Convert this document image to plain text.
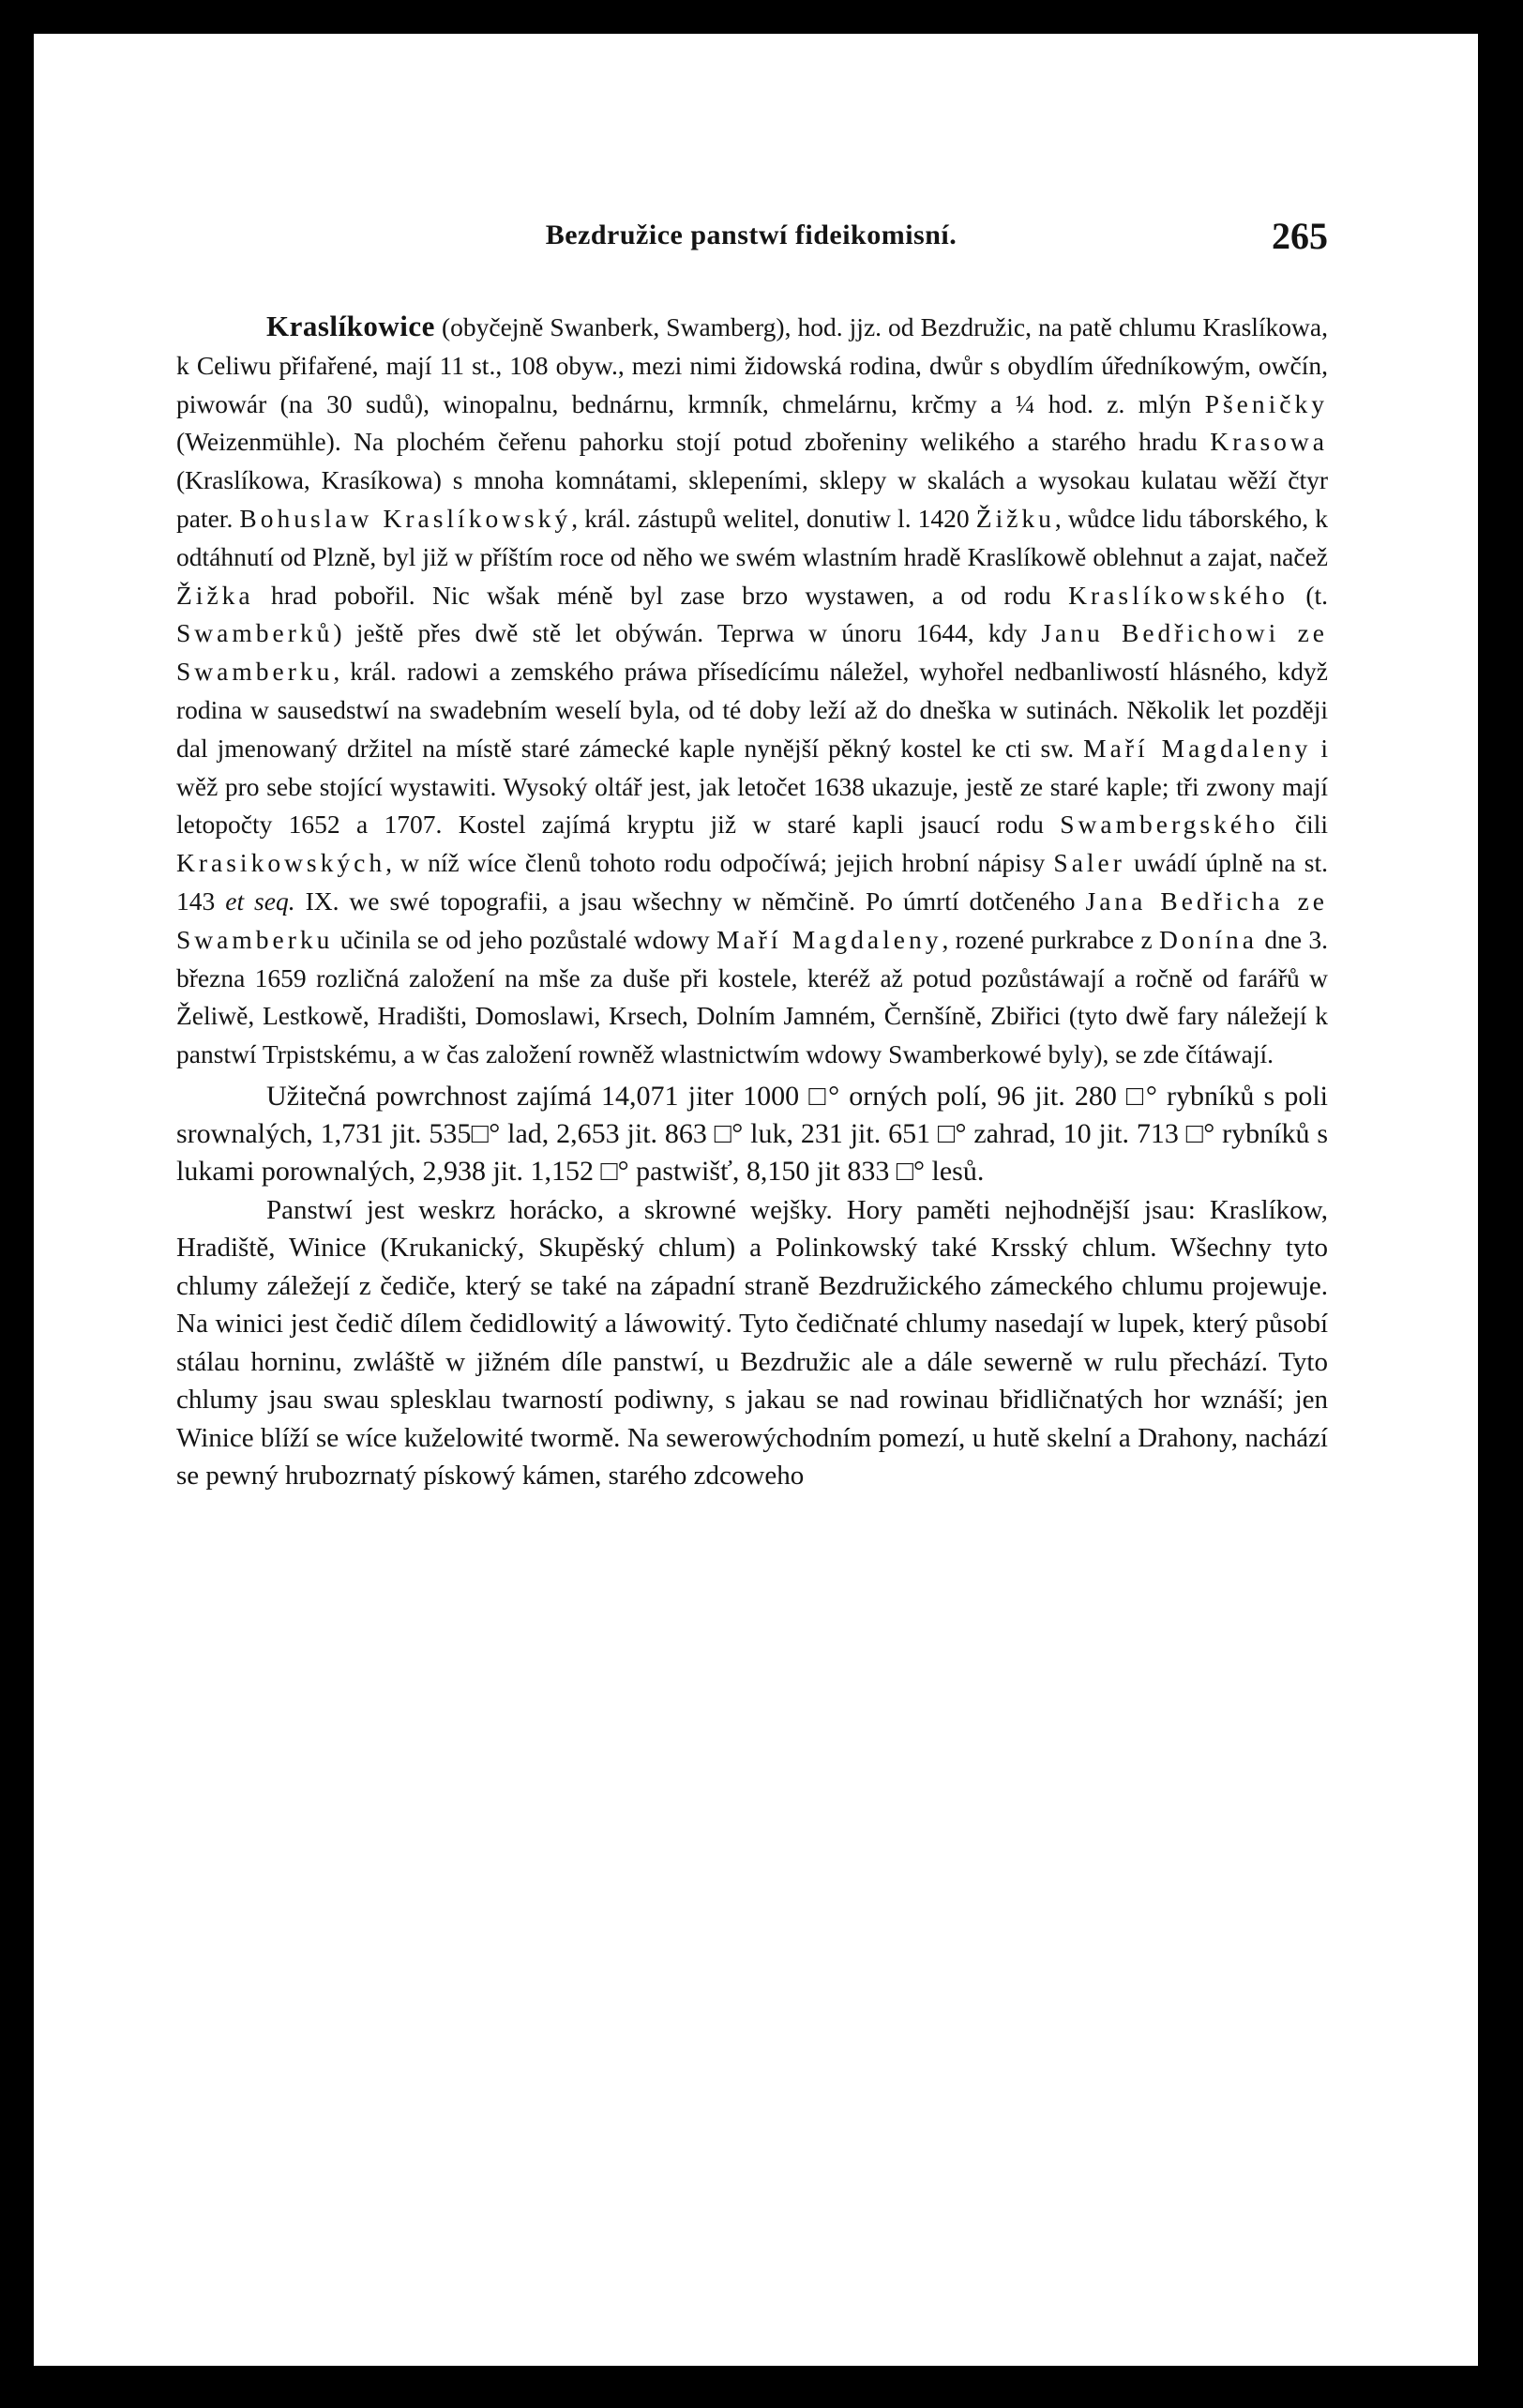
Bezdružice panstwí fideikomisní.	265

Kraslíkowice (obyčejně Swanberk, Swamberg), hod. jjz. od Bezdružic, na patě chlumu Kraslíkowa, k Celiwu přifařené, mají 11 st., 108 obyw., mezi nimi židowská rodina, dwůr s obydlím úředníkowým, owčín, piwowár (na 30 sudů), winopalnu, bednárnu, krmník, chmelárnu, krčmy a ¼ hod. z. mlýn Pšeničky (Weizenmühle). Na plochém čeřenu pahorku stojí potud zbořeniny welikého a starého hradu Krasowa (Kraslíkowa, Krasíkowa) s mnoha komnátami, sklepeními, sklepy w skalách a wysokau kulatau wěží čtyr pater. Bohuslaw Kraslíkowský, král. zástupů welitel, donutiw l. 1420 Žižku, wůdce lidu táborského, k odtáhnutí od Plzně, byl již w příštím roce od něho we swém wlastním hradě Kraslíkowě oblehnut a zajat, načež Žižka hrad pobořil. Nic wšak méně byl zase brzo wystawen, a od rodu Kraslíkowského (t. Swamberků) ještě přes dwě stě let obýwán. Teprwa w únoru 1644, kdy Janu Bedřichowi ze Swamberku, král. radowi a zemského práwa přísedícímu náležel, wyhořel nedbanliwostí hlásného, když rodina w sausedstwí na swadebním weselí byla, od té doby leží až do dneška w sutinách. Několik let později dal jmenowaný držitel na místě staré zámecké kaple nynější pěkný kostel ke cti sw. Maří Magdaleny i wěž pro sebe stojící wystawiti. Wysoký oltář jest, jak letočet 1638 ukazuje, jestě ze staré kaple; tři zwony mají letopočty 1652 a 1707. Kostel zajímá kryptu již w staré kapli jsaucí rodu Swambergského čili Krasikowských, w níž wíce členů tohoto rodu odpočíwá; jejich hrobní nápisy Saler uwádí úplně na st. 143 et seq. IX. we swé topografii, a jsau wšechny w němčině. Po úmrtí dotčeného Jana Bedřicha ze Swamberku učinila se od jeho pozůstalé wdowy Maří Magdaleny, rozené purkrabce z Donína dne 3. března 1659 rozličná založení na mše za duše při kostele, kteréž až potud pozůstáwají a ročně od farářů w Želiwě, Lestkowě, Hradišti, Domoslawi, Krsech, Dolním Jamném, Černšíně, Zbiřici (tyto dwě fary náležejí k panstwí Trpistskému, a w čas založení rowněž wlastnictwím wdowy Swamberkowé byly), se zde čítáwají.

Užitečná powrchnost zajímá 14,071 jiter 1000 □° orných polí, 96 jit. 280 □° rybníků s poli srownalých, 1,731 jit. 535□° lad, 2,653 jit. 863 □° luk, 231 jit. 651 □° zahrad, 10 jit. 713 □° rybníků s lukami porownalých, 2,938 jit. 1,152 □° pastwišť, 8,150 jit 833 □° lesů.

Panstwí jest weskrz horácko, a skrowné wejšky. Hory paměti nejhodnější jsau: Kraslíkow, Hradiště, Winice (Krukanický, Skupěský chlum) a Polinkowský také Krsský chlum. Wšechny tyto chlumy záležejí z čediče, který se také na západní straně Bezdružického zámeckého chlumu projewuje. Na winici jest čedič dílem čedidlowitý a láwowitý. Tyto čedičnaté chlumy nasedají w lupek, který působí stálau horninu, zwláště w jižném díle panstwí, u Bezdružic ale a dále sewerně w rulu přechází. Tyto chlumy jsau swau splesklau twarností podiwny, s jakau se nad rowinau břidličnatých hor wznáší; jen Winice blíží se wíce kuželowité twormě. Na sewerowýchodním pomezí, u hutě skelní a Drahony, nachází se pewný hrubozrnatý pískowý kámen, starého zdcoweho
